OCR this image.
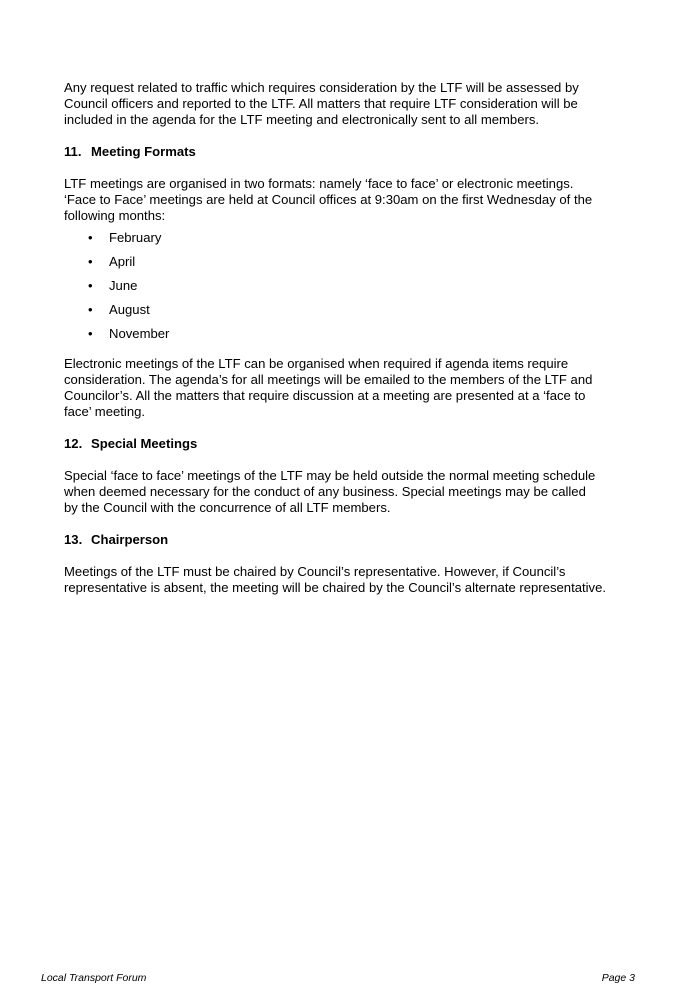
Any request related to traffic which requires consideration by the LTF will be assessed by
Council officers and reported to the LTF. All matters that require LTF consideration will be
included in the agenda for the LTF meeting and electronically sent to all members.

11. Meeting Formats

LTF meetings are organised in two formats: namely ‘face to face’ or electronic meetings.
‘Face to Face’ meetings are held at Council offices at 9:30am on the first Wednesday of the
following months:

• February
• April
• June
• August
• November

Electronic meetings of the LTF can be organised when required if agenda items require
consideration. The agenda’s for all meetings will be emailed to the members of the LTF and
Councilor’s. All the matters that require discussion at a meeting are presented at a ‘face to
face’ meeting.

12. Special Meetings

Special ‘face to face’ meetings of the LTF may be held outside the normal meeting schedule
when deemed necessary for the conduct of any business. Special meetings may be called
by the Council with the concurrence of all LTF members.

13. Chairperson

Meetings of the LTF must be chaired by Council’s representative. However, if Council’s
representative is absent, the meeting will be chaired by the Council’s alternate representative.

Local Transport Forum	Page 3
